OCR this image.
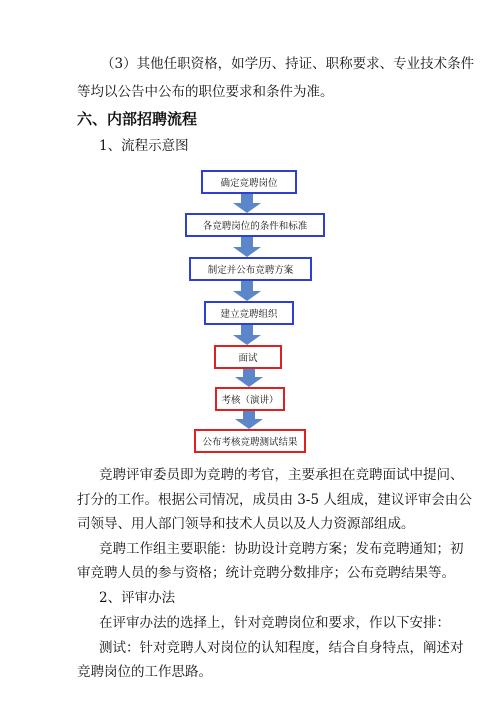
（3）其他任职资格，如学历、持证、职称要求、专业技术条件
等均以公告中公布的职位要求和条件为准。
六、内部招聘流程
1、流程示意图
确定竞聘岗位
各竞聘岗位的条件和标准
制定并公布竞聘方案
建立竞聘组织
面试
考核（演讲）
公布考核竞聘测试结果
竞聘评审委员即为竞聘的考官，主要承担在竞聘面试中提问、
打分的工作。根据公司情况，成员由 3-5 人组成，建议评审会由公
司领导、用人部门领导和技术人员以及人力资源部组成。
竞聘工作组主要职能：协助设计竞聘方案；发布竞聘通知；初
审竞聘人员的参与资格；统计竞聘分数排序；公布竞聘结果等。
2、评审办法
在评审办法的选择上，针对竞聘岗位和要求，作以下安排：
测试：针对竞聘人对岗位的认知程度，结合自身特点，阐述对
竞聘岗位的工作思路。
